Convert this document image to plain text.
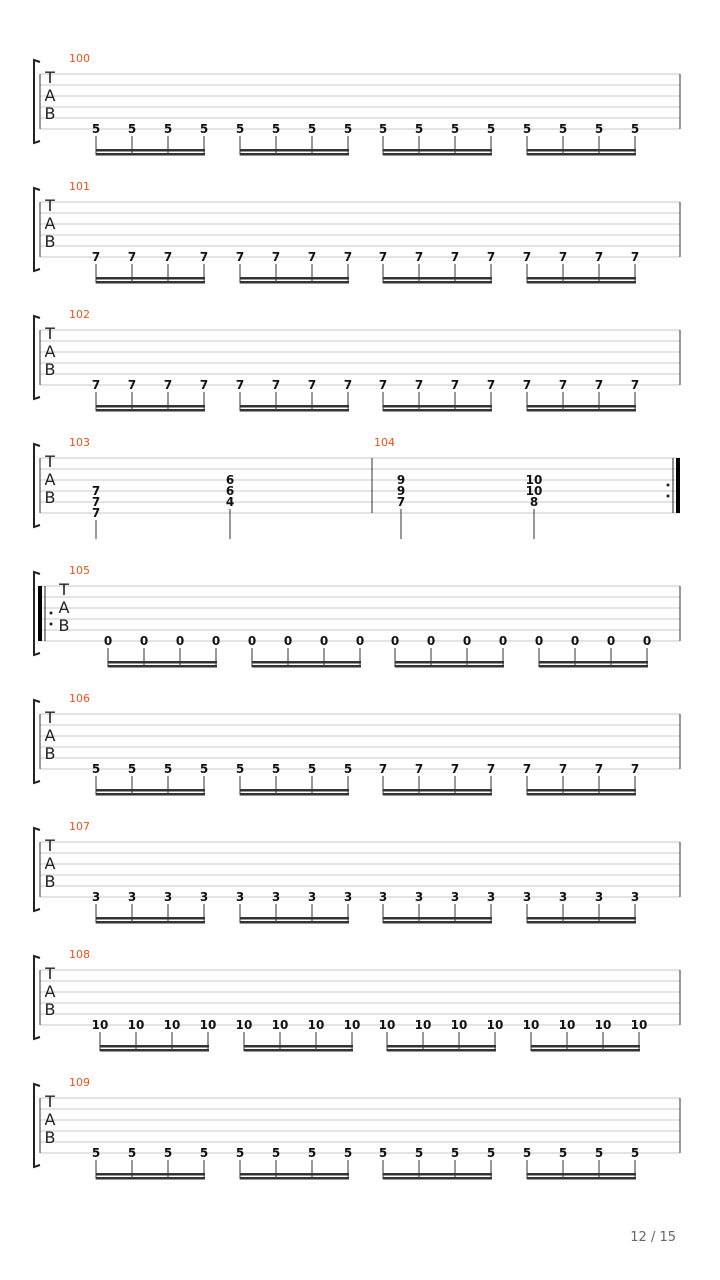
T
A
B
100
5 5 5 5 5 5 5 5 5 5 5 5 5 5 5 5
T
A
B
101
7 7 7 7 7 7 7 7 7 7 7 7 7 7 7 7
T
A
B
102
7 7 7 7 7 7 7 7 7 7 7 7 7 7 7 7
T
A
B
103
7
7
7
6
6
4
104
9
9
7
10
10
8
T
A
B
105
0 0 0 0 0 0 0 0 0 0 0 0 0 0 0 0
T
A
B
106
5 5 5 5 5 5 5 5 7 7 7 7 7 7 7 7
T
A
B
107
3 3 3 3 3 3 3 3 3 3 3 3 3 3 3 3
T
A
B
108
10 10 10 10 10 10 10 10 10 10 10 10 10 10 10 10
T
A
B
109
5 5 5 5 5 5 5 5 5 5 5 5 5 5 5 5
12 / 15
